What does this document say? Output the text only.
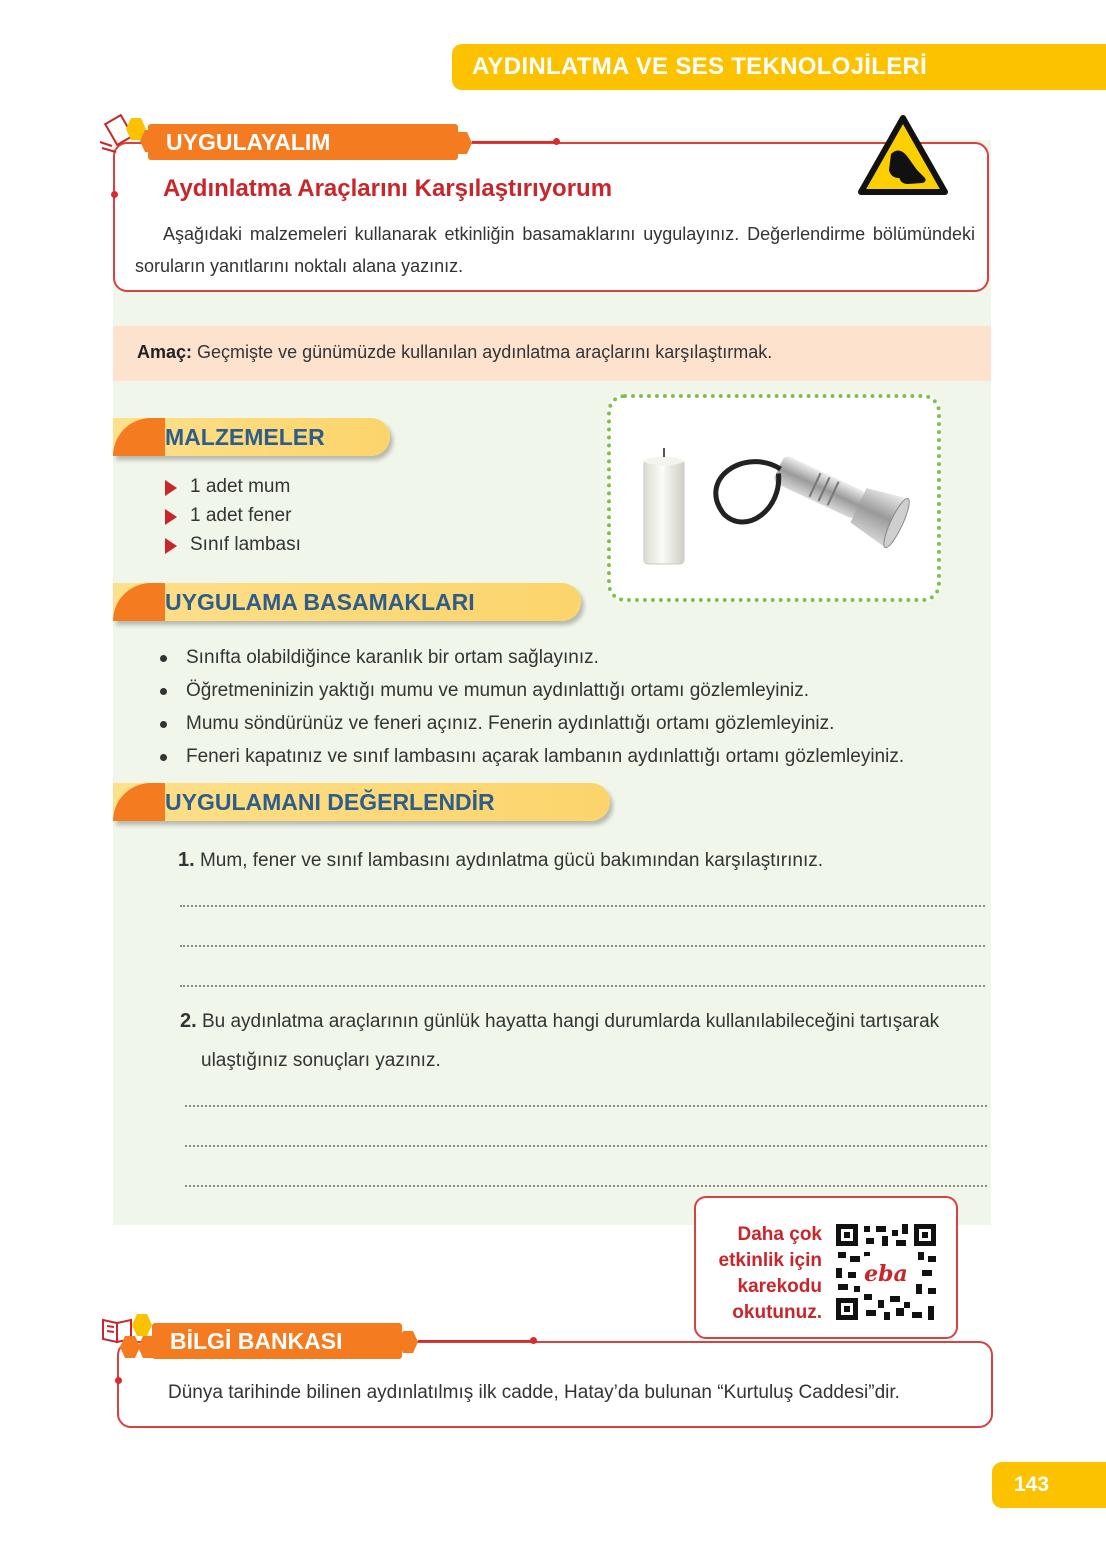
AYDINLATMA VE SES TEKNOLOJİLERİ
UYGULAYALIM
Aydınlatma Araçlarını Karşılaştırıyorum
Aşağıdaki malzemeleri kullanarak etkinliğin basamaklarını uygulayınız. Değerlendirme bölümündeki soruların yanıtlarını noktalı alana yazınız.
Amaç: Geçmişte ve günümüzde kullanılan aydınlatma araçlarını karşılaştırmak.
MALZEMELER
1 adet mum
1 adet fener
Sınıf lambası
UYGULAMA BASAMAKLARI
Sınıfta olabildiğince karanlık bir ortam sağlayınız.
Öğretmeninizin yaktığı mumu ve mumun aydınlattığı ortamı gözlemleyiniz.
Mumu söndürünüz ve feneri açınız. Fenerin aydınlattığı ortamı gözlemleyiniz.
Feneri kapatınız ve sınıf lambasını açarak lambanın aydınlattığı ortamı gözlemleyiniz.
UYGULAMANI DEĞERLENDİR
1. Mum, fener ve sınıf lambasını aydınlatma gücü bakımından karşılaştırınız.
2. Bu aydınlatma araçlarının günlük hayatta hangi durumlarda kullanılabileceğini tartışarak
ulaştığınız sonuçları yazınız.
Daha çok
etkinlik için
karekodu
okutunuz.
eba
BİLGİ BANKASI
Dünya tarihinde bilinen aydınlatılmış ilk cadde, Hatay’da bulunan “Kurtuluş Caddesi”dir.
143
